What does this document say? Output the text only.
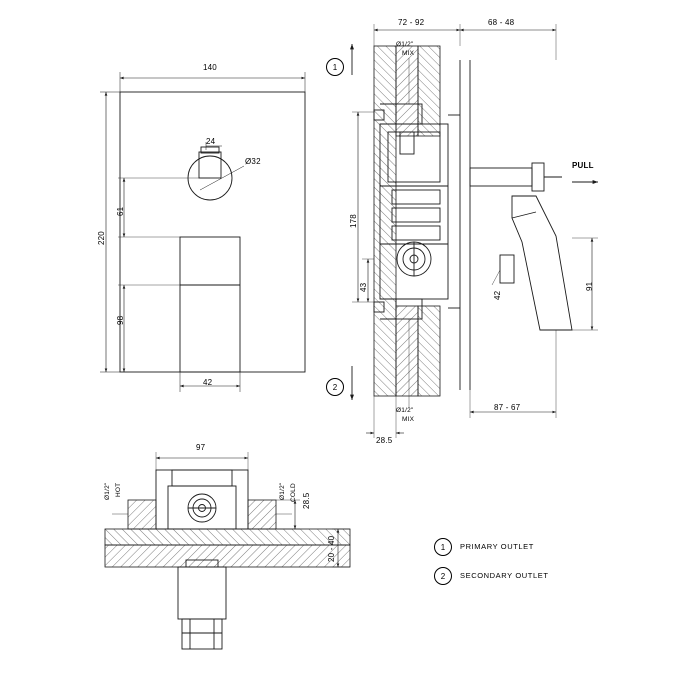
140
220
61
98
42
24
Ø32
72 - 92	68 - 48
178
43
42
91
87 - 67
28.5
Ø1/2"
MIX
Ø1/2"
MIX
PULL
1
2
97
28.5
20 - 40
Ø1/2" HOT	Ø1/2" COLD
1	PRIMARY OUTLET
2	SECONDARY OUTLET
